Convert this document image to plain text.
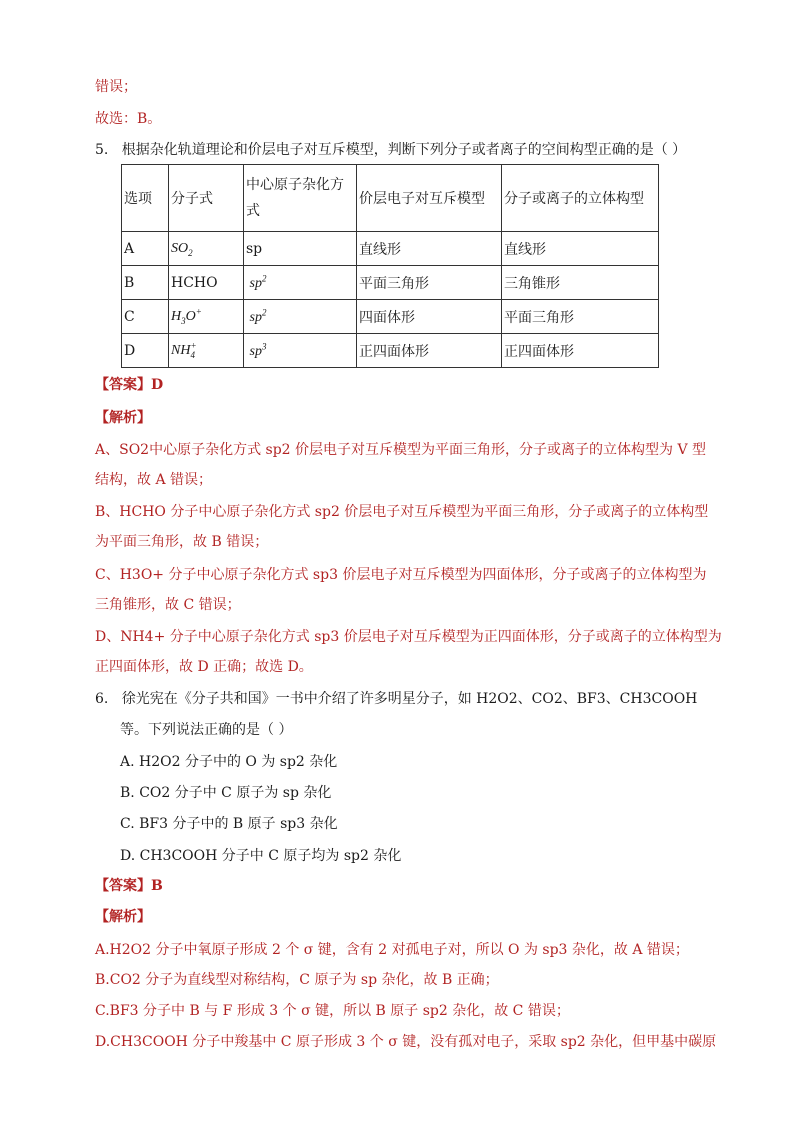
错误；
故选：B。
5. 根据杂化轨道理论和价层电子对互斥模型，判断下列分子或者离子的空间构型正确的是（ ）
选项	分子式	中心原子杂化方式	价层电子对互斥模型	分子或离子的立体构型
A	$SO_2$	sp	直线形	直线形
B	HCHO	$sp^2$	平面三角形	三角锥形
C	$H_3O^+$	$sp^2$	四面体形	平面三角形
D	$NH^+_4$	$sp^3$	正四面体形	正四面体形
【答案】D
【解析】
A、SO2中心原子杂化方式 sp2 价层电子对互斥模型为平面三角形，分子或离子的立体构型为 V 型
结构，故 A 错误；
B、HCHO 分子中心原子杂化方式 sp2 价层电子对互斥模型为平面三角形，分子或离子的立体构型
为平面三角形，故 B 错误；
C、H3O+ 分子中心原子杂化方式 sp3 价层电子对互斥模型为四面体形，分子或离子的立体构型为
三角锥形，故 C 错误；
D、NH4+ 分子中心原子杂化方式 sp3 价层电子对互斥模型为正四面体形，分子或离子的立体构型为
正四面体形，故 D 正确；故选 D。
6. 徐光宪在《分子共和国》一书中介绍了许多明星分子，如 H2O2、CO2、BF3、CH3COOH
等。下列说法正确的是（ ）
A. H2O2 分子中的 O 为 sp2 杂化
B. CO2 分子中 C 原子为 sp 杂化
C. BF3 分子中的 B 原子 sp3 杂化
D. CH3COOH 分子中 C 原子均为 sp2 杂化
【答案】B
【解析】
A.H2O2 分子中氧原子形成 2 个 σ 键，含有 2 对孤电子对，所以 O 为 sp3 杂化，故 A 错误；
B.CO2 分子为直线型对称结构，C 原子为 sp 杂化，故 B 正确；
C.BF3 分子中 B 与 F 形成 3 个 σ 键，所以 B 原子 sp2 杂化，故 C 错误；
D.CH3COOH 分子中羧基中 C 原子形成 3 个 σ 键，没有孤对电子，采取 sp2 杂化，但甲基中碳原
